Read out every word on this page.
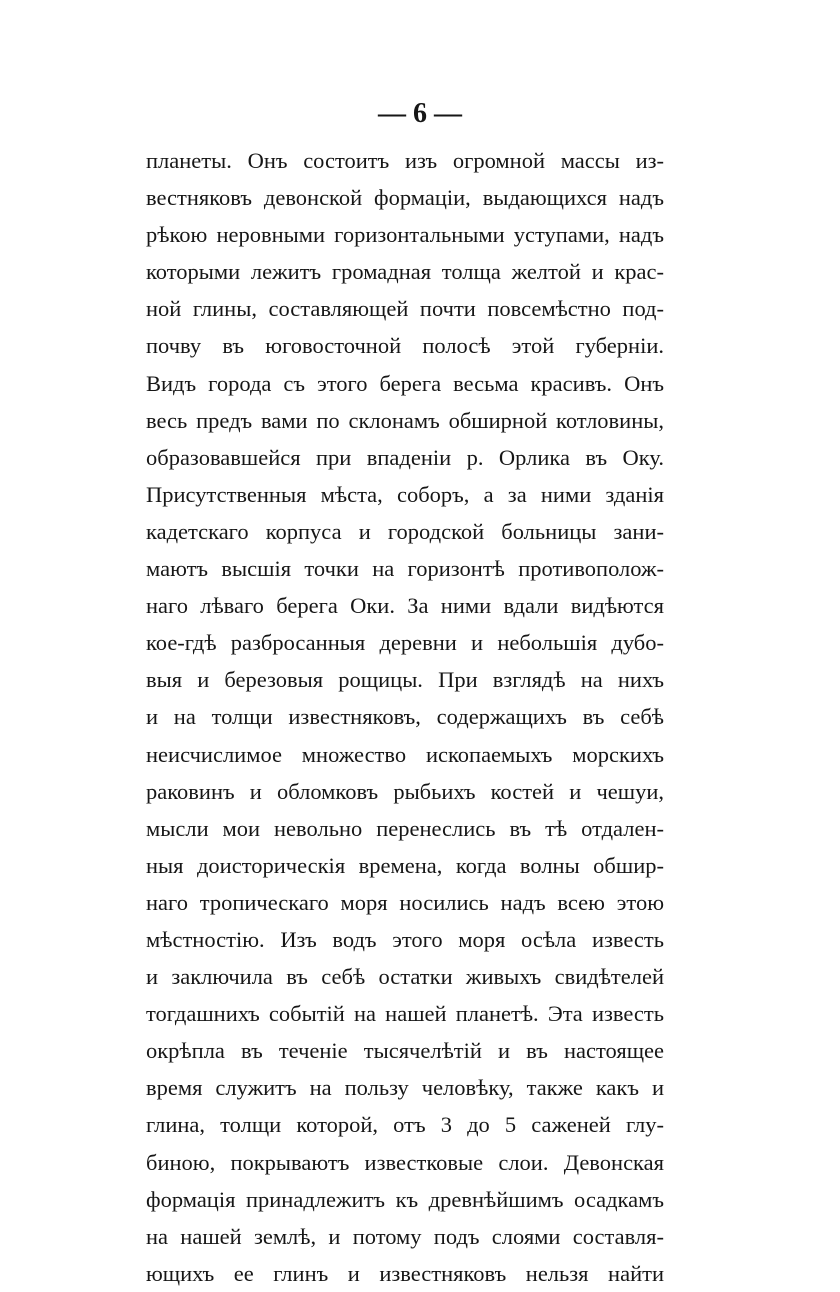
— 6 —
планеты. Онъ состоитъ изъ огромной массы из-
вестняковъ девонской формаціи, выдающихся надъ
рѣкою неровными горизонтальными уступами, надъ
которыми лежитъ громадная толща желтой и крас-
ной глины, составляющей почти повсемѣстно под-
почву въ юговосточной полосѣ этой губерніи.
Видъ города съ этого берега весьма красивъ. Онъ
весь предъ вами по склонамъ обширной котловины,
образовавшейся при впаденіи р. Орлика въ Оку.
Присутственныя мѣста, соборъ, а за ними зданія
кадетскаго корпуса и городской больницы зани-
маютъ высшія точки на горизонтѣ противополож-
наго лѣваго берега Оки. За ними вдали видѣются
кое-гдѣ разбросанныя деревни и небольшія дубо-
выя и березовыя рощицы. При взглядѣ на нихъ
и на толщи известняковъ, содержащихъ въ себѣ
неисчислимое множество ископаемыхъ морскихъ
раковинъ и обломковъ рыбьихъ костей и чешуи,
мысли мои невольно перенеслись въ тѣ отдален-
ныя доисторическія времена, когда волны обшир-
наго тропическаго моря носились надъ всею этою
мѣстностію. Изъ водъ этого моря осѣла известь
и заключила въ себѣ остатки живыхъ свидѣтелей
тогдашнихъ событій на нашей планетѣ. Эта известь
окрѣпла въ теченіе тысячелѣтій и въ настоящее
время служитъ на пользу человѣку, также какъ и
глина, толщи которой, отъ 3 до 5 саженей глу-
биною, покрываютъ известковые слои. Девонская
формація принадлежитъ къ древнѣйшимъ осадкамъ
на нашей землѣ, и потому подъ слоями составля-
ющихъ ее глинъ и известняковъ нельзя найти
